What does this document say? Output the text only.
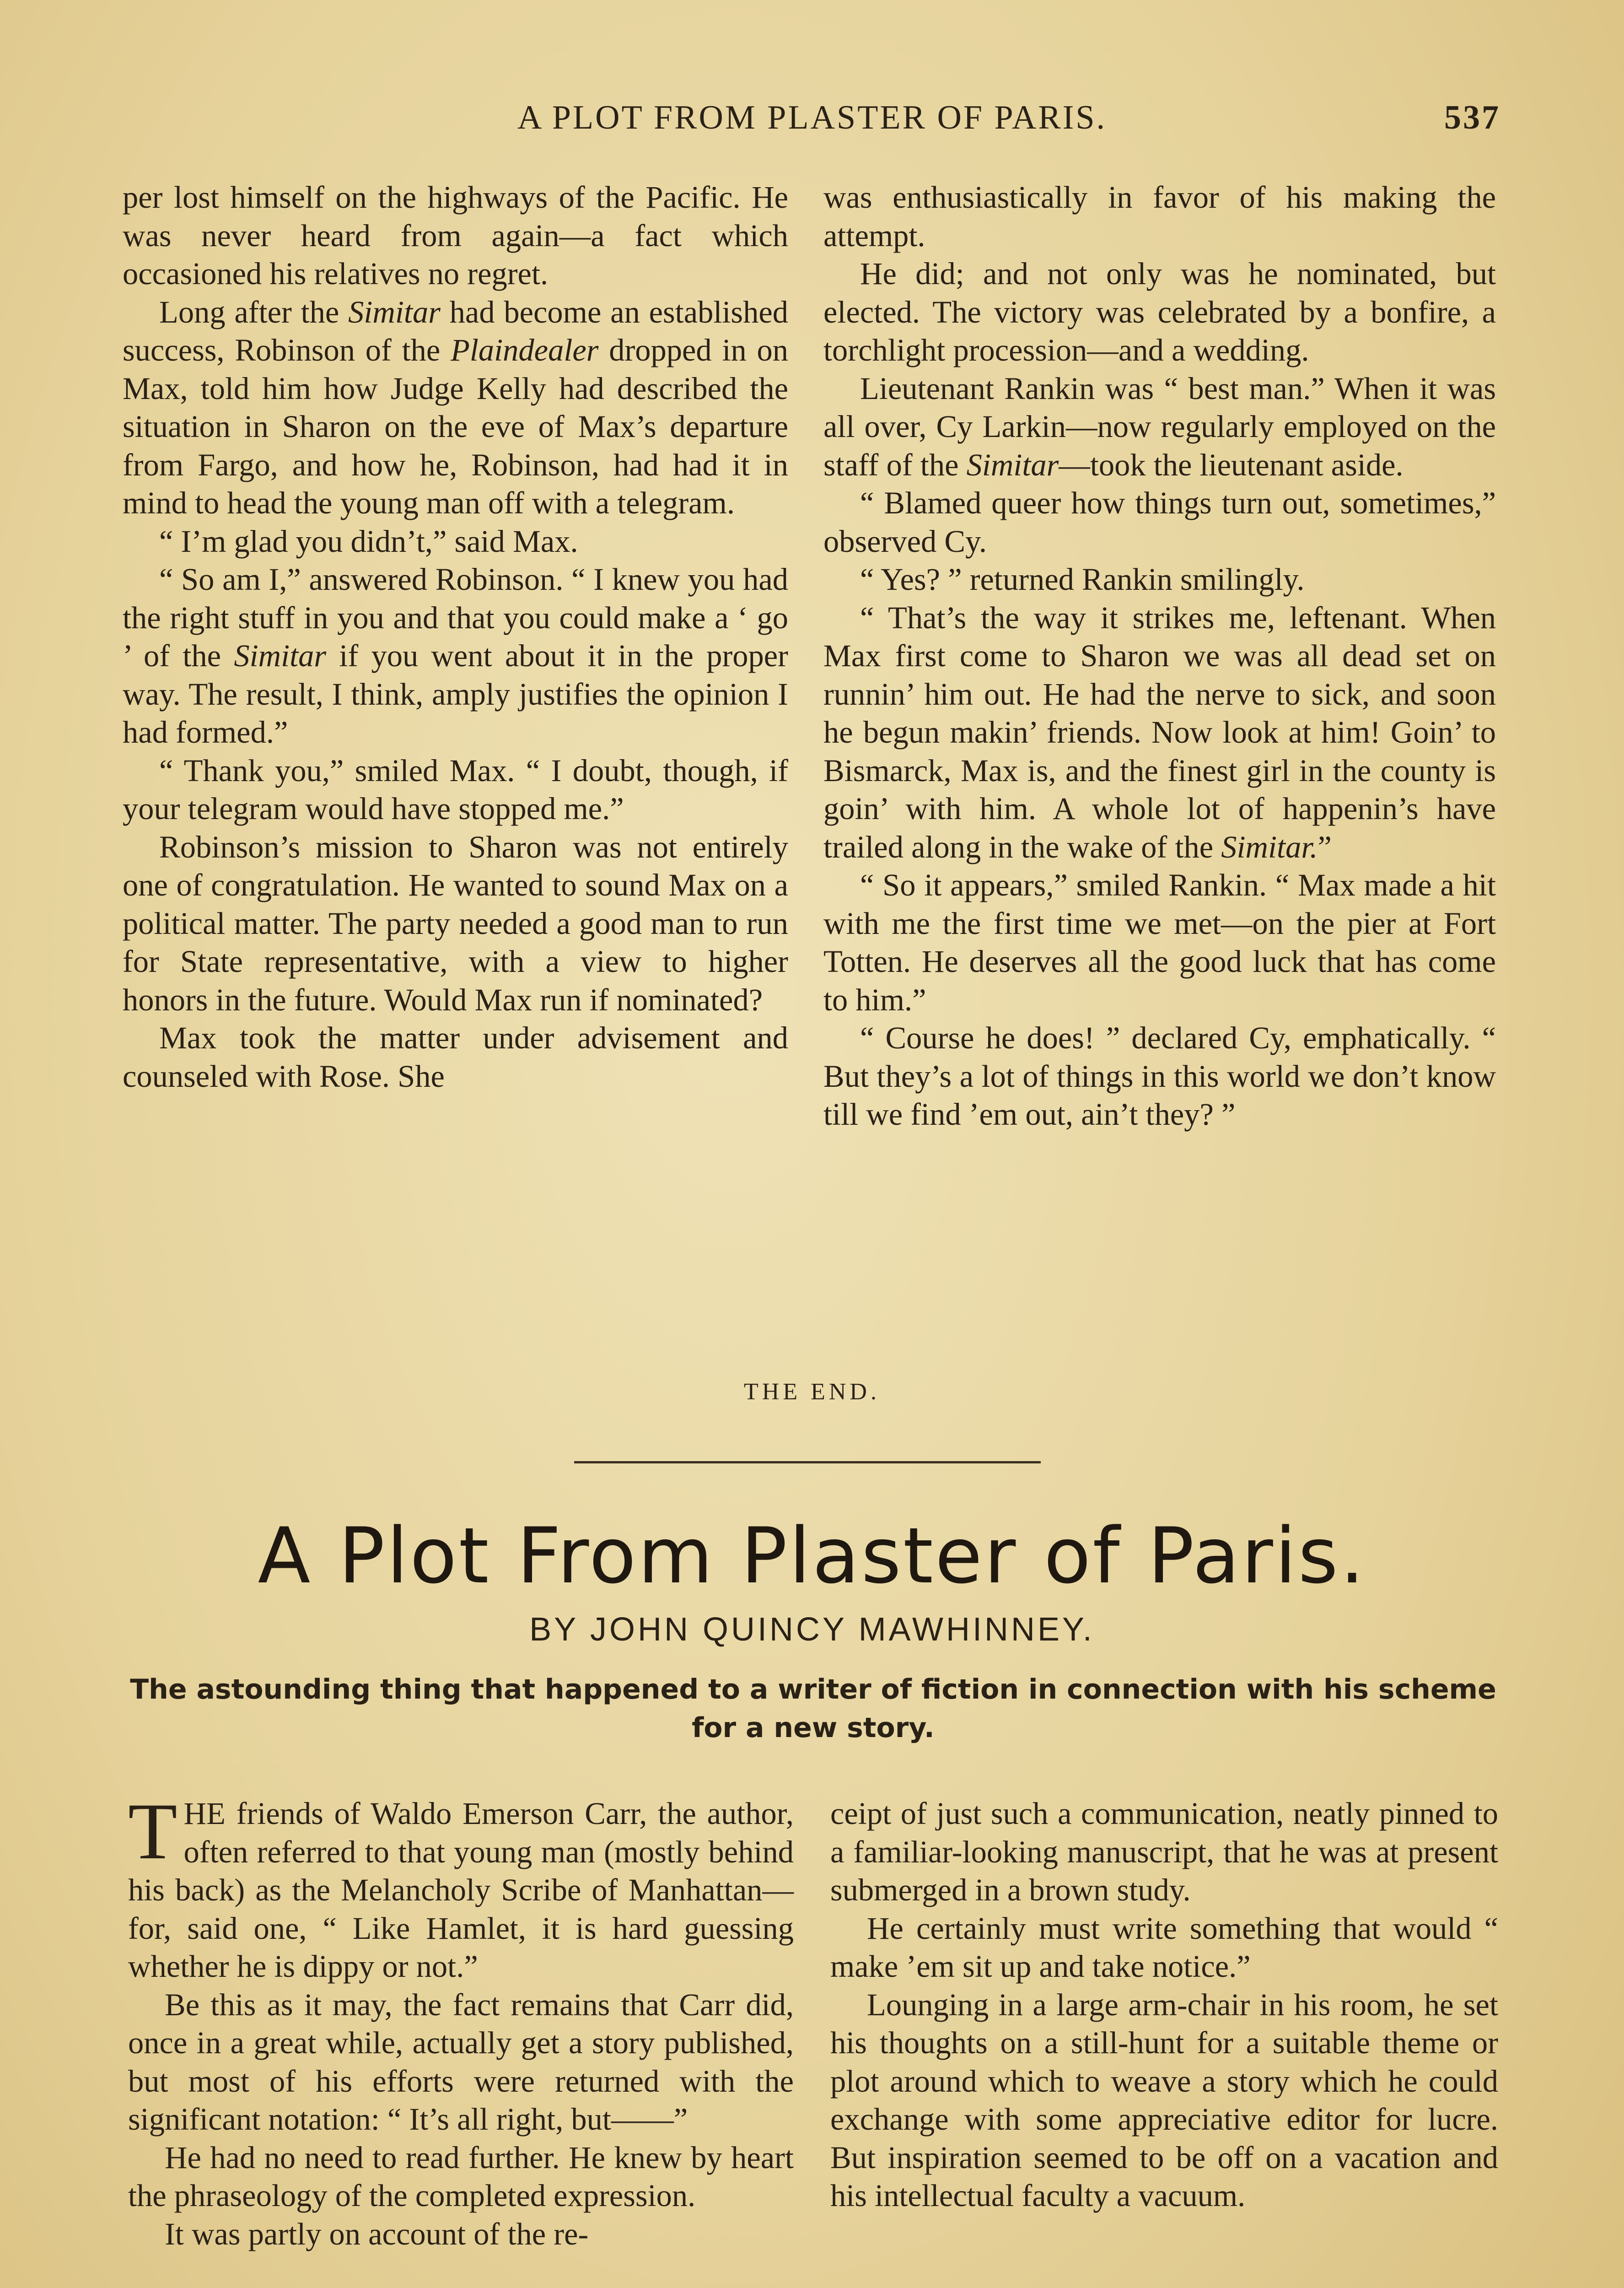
A PLOT FROM PLASTER OF PARIS.	537

per lost himself on the highways of the Pacific. He was never heard from again—a fact which occasioned his relatives no regret.

Long after the Simitar had become an established success, Robinson of the Plaindealer dropped in on Max, told him how Judge Kelly had described the situation in Sharon on the eve of Max’s departure from Fargo, and how he, Robinson, had had it in mind to head the young man off with a telegram.

“ I’m glad you didn’t,” said Max.

“ So am I,” answered Robinson. “ I knew you had the right stuff in you and that you could make a ‘ go ’ of the Simitar if you went about it in the proper way. The result, I think, amply justifies the opinion I had formed.”

“ Thank you,” smiled Max. “ I doubt, though, if your telegram would have stopped me.”

Robinson’s mission to Sharon was not entirely one of congratulation. He wanted to sound Max on a political matter. The party needed a good man to run for State representative, with a view to higher honors in the future. Would Max run if nominated?

Max took the matter under advisement and counseled with Rose. She

was enthusiastically in favor of his making the attempt.

He did; and not only was he nominated, but elected. The victory was celebrated by a bonfire, a torchlight procession—and a wedding.

Lieutenant Rankin was “ best man.” When it was all over, Cy Larkin—now regularly employed on the staff of the Simitar—took the lieutenant aside.

“ Blamed queer how things turn out, sometimes,” observed Cy.

“ Yes? ” returned Rankin smilingly.

“ That’s the way it strikes me, leftenant. When Max first come to Sharon we was all dead set on runnin’ him out. He had the nerve to sick, and soon he begun makin’ friends. Now look at him! Goin’ to Bismarck, Max is, and the finest girl in the county is goin’ with him. A whole lot of happenin’s have trailed along in the wake of the Simitar.”

“ So it appears,” smiled Rankin. “ Max made a hit with me the first time we met—on the pier at Fort Totten. He deserves all the good luck that has come to him.”

“ Course he does! ” declared Cy, emphatically. “ But they’s a lot of things in this world we don’t know till we find ’em out, ain’t they? ”

THE END.
A Plot From Plaster of Paris.
BY JOHN QUINCY MAWHINNEY.
The astounding thing that happened to a writer of fiction in connection with his scheme for a new story.

THE friends of Waldo Emerson Carr, the author, often referred to that young man (mostly behind his back) as the Melancholy Scribe of Manhattan—for, said one, “ Like Hamlet, it is hard guessing whether he is dippy or not.”

Be this as it may, the fact remains that Carr did, once in a great while, actually get a story published, but most of his efforts were returned with the significant notation: “ It’s all right, but——”

He had no need to read further. He knew by heart the phraseology of the completed expression.

It was partly on account of the re-

ceipt of just such a communication, neatly pinned to a familiar-looking manuscript, that he was at present submerged in a brown study.

He certainly must write something that would “ make ’em sit up and take notice.”

Lounging in a large arm-chair in his room, he set his thoughts on a still-hunt for a suitable theme or plot around which to weave a story which he could exchange with some appreciative editor for lucre. But inspiration seemed to be off on a vacation and his intellectual faculty a vacuum.
